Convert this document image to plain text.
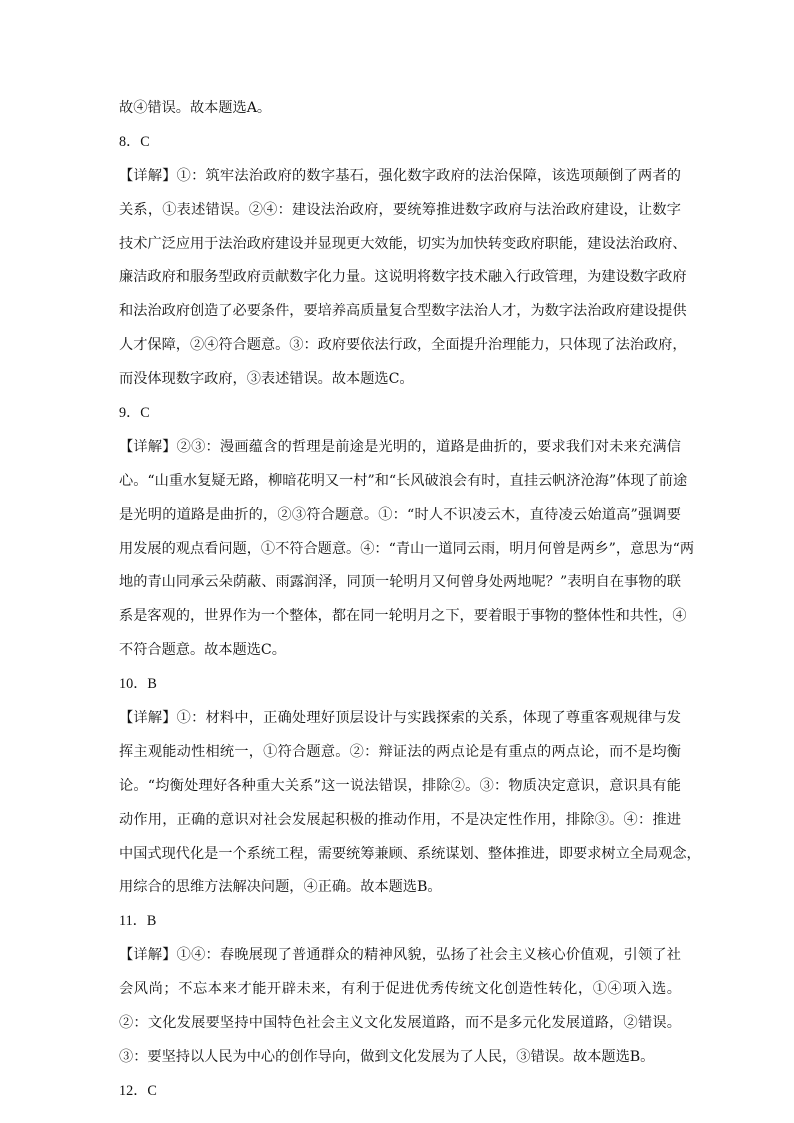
故④错误。故本题选A。
8．C
【详解】①：筑牢法治政府的数字基石，强化数字政府的法治保障，该选项颠倒了两者的
关系，①表述错误。②④：建设法治政府，要统筹推进数字政府与法治政府建设，让数字
技术广泛应用于法治政府建设并显现更大效能，切实为加快转变政府职能，建设法治政府、
廉洁政府和服务型政府贡献数字化力量。这说明将数字技术融入行政管理，为建设数字政府
和法治政府创造了必要条件，要培养高质量复合型数字法治人才，为数字法治政府建设提供
人才保障，②④符合题意。③：政府要依法行政，全面提升治理能力，只体现了法治政府，
而没体现数字政府，③表述错误。故本题选C。
9．C
【详解】②③：漫画蕴含的哲理是前途是光明的，道路是曲折的，要求我们对未来充满信
心。“山重水复疑无路，柳暗花明又一村”和“长风破浪会有时，直挂云帆济沧海”体现了前途
是光明的道路是曲折的，②③符合题意。①：“时人不识凌云木，直待凌云始道高”强调要
用发展的观点看问题，①不符合题意。④：“青山一道同云雨，明月何曾是两乡”，意思为“两
地的青山同承云朵荫蔽、雨露润泽，同顶一轮明月又何曾身处两地呢？”表明自在事物的联
系是客观的，世界作为一个整体，都在同一轮明月之下，要着眼于事物的整体性和共性，④
不符合题意。故本题选C。
10．B
【详解】①：材料中，正确处理好顶层设计与实践探索的关系，体现了尊重客观规律与发
挥主观能动性相统一，①符合题意。②：辩证法的两点论是有重点的两点论，而不是均衡
论。“均衡处理好各种重大关系”这一说法错误，排除②。③：物质决定意识，意识具有能
动作用，正确的意识对社会发展起积极的推动作用，不是决定性作用，排除③。④：推进
中国式现代化是一个系统工程，需要统筹兼顾、系统谋划、整体推进，即要求树立全局观念，
用综合的思维方法解决问题，④正确。故本题选B。
11．B
【详解】①④：春晚展现了普通群众的精神风貌，弘扬了社会主义核心价值观，引领了社
会风尚；不忘本来才能开辟未来，有利于促进优秀传统文化创造性转化，①④项入选。
②：文化发展要坚持中国特色社会主义文化发展道路，而不是多元化发展道路，②错误。
③：要坚持以人民为中心的创作导向，做到文化发展为了人民，③错误。故本题选B。
12．C
